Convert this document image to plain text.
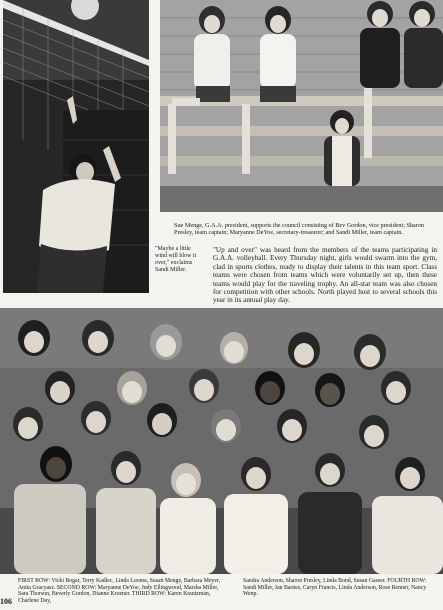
Sue Menge, G.A.A. president, supports the council consisting of Bev Gordon, vice president; Sharon Presley, team captain; Maryanne DeYoe, secretary-treasurer; and Sandi Miller, team captain.
"Maybe a little wind will blow it over," exclaims Sandi Miller.
"Up and over" was heard from the members of the teams participating in G.A.A. volleyball. Every Thursday night, girls would swarm into the gym, clad in sports clothes, ready to display their talents in this team sport. Class teams were chosen from teams which were voluntarily set up, then these teams would play for the traveling trophy. An all-star team was also chosen for competition with other schools. North played host to several schools this year in its annual play day.
FIRST ROW: Vicki Bogar, Terry Kadlec, Linda Luoma, Susan Menge, Barbara Meyer, Anita Gracyasz. SECOND ROW: Maryanne DeYoe, Judy Ellingwood, Marsha Miller, Sara Thorson, Beverly Gordon, Dianne Kroener. THIRD ROW: Karen Krautzman, Charlene Day,
Sandra Anderson, Sharon Presley, Linda Bond, Susan Gasser. FOURTH ROW: Sandi Miller, Jan Barnes, Caryn Francis, Linda Anderson, Rose Renner, Nancy Wenp.
106
